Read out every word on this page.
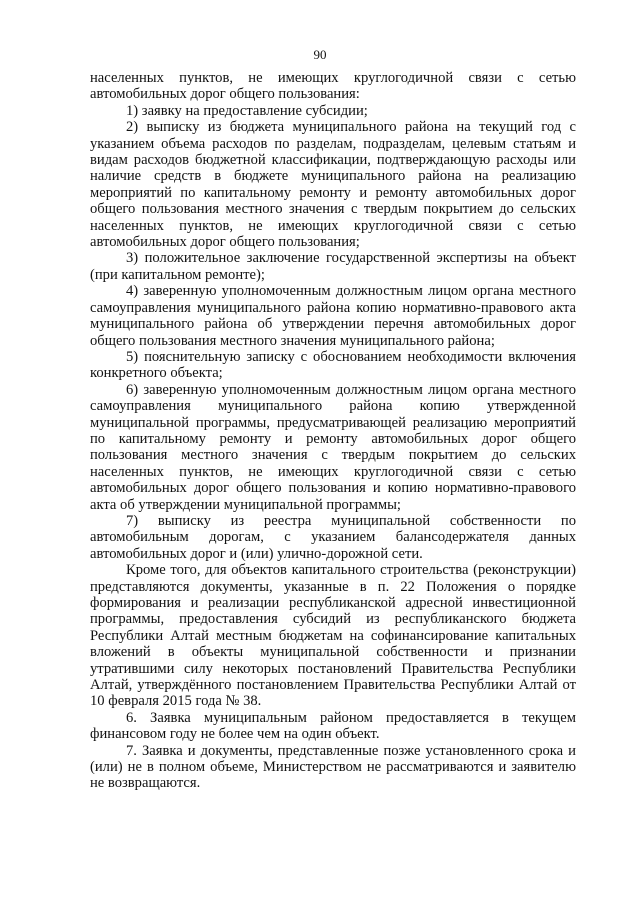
90

населенных пунктов, не имеющих круглогодичной связи с сетью автомобильных дорог общего пользования:

1) заявку на предоставление субсидии;

2) выписку из бюджета муниципального района на текущий год с указанием объема расходов по разделам, подразделам, целевым статьям и видам расходов бюджетной классификации, подтверждающую расходы или наличие средств в бюджете муниципального района на реализацию мероприятий по капитальному ремонту и ремонту автомобильных дорог общего пользования местного значения с твердым покрытием до сельских населенных пунктов, не имеющих круглогодичной связи с сетью автомобильных дорог общего пользования;

3) положительное заключение государственной экспертизы на объект (при капитальном ремонте);

4) заверенную уполномоченным должностным лицом органа местного самоуправления муниципального района копию нормативно-правового акта муниципального района об утверждении перечня автомобильных дорог общего пользования местного значения муниципального района;

5) пояснительную записку с обоснованием необходимости включения конкретного объекта;

6) заверенную уполномоченным должностным лицом органа местного самоуправления муниципального района копию утвержденной муниципальной программы, предусматривающей реализацию мероприятий по капитальному ремонту и ремонту автомобильных дорог общего пользования местного значения с твердым покрытием до сельских населенных пунктов, не имеющих круглогодичной связи с сетью автомобильных дорог общего пользования и копию нормативно-правового акта об утверждении муниципальной программы;

7) выписку из реестра муниципальной собственности по автомобильным дорогам, с указанием балансодержателя данных автомобильных дорог и (или) улично-дорожной сети.

Кроме того, для объектов капитального строительства (реконструкции) представляются документы, указанные в п. 22 Положения о порядке формирования и реализации республиканской адресной инвестиционной программы, предоставления субсидий из республиканского бюджета Республики Алтай местным бюджетам на софинансирование капитальных вложений в объекты муниципальной собственности и признании утратившими силу некоторых постановлений Правительства Республики Алтай, утверждённого постановлением Правительства Республики Алтай от 10 февраля 2015 года № 38.

6. Заявка муниципальным районом предоставляется в текущем финансовом году не более чем на один объект.

7. Заявка и документы, представленные позже установленного срока и (или) не в полном объеме, Министерством не рассматриваются и заявителю не возвращаются.
